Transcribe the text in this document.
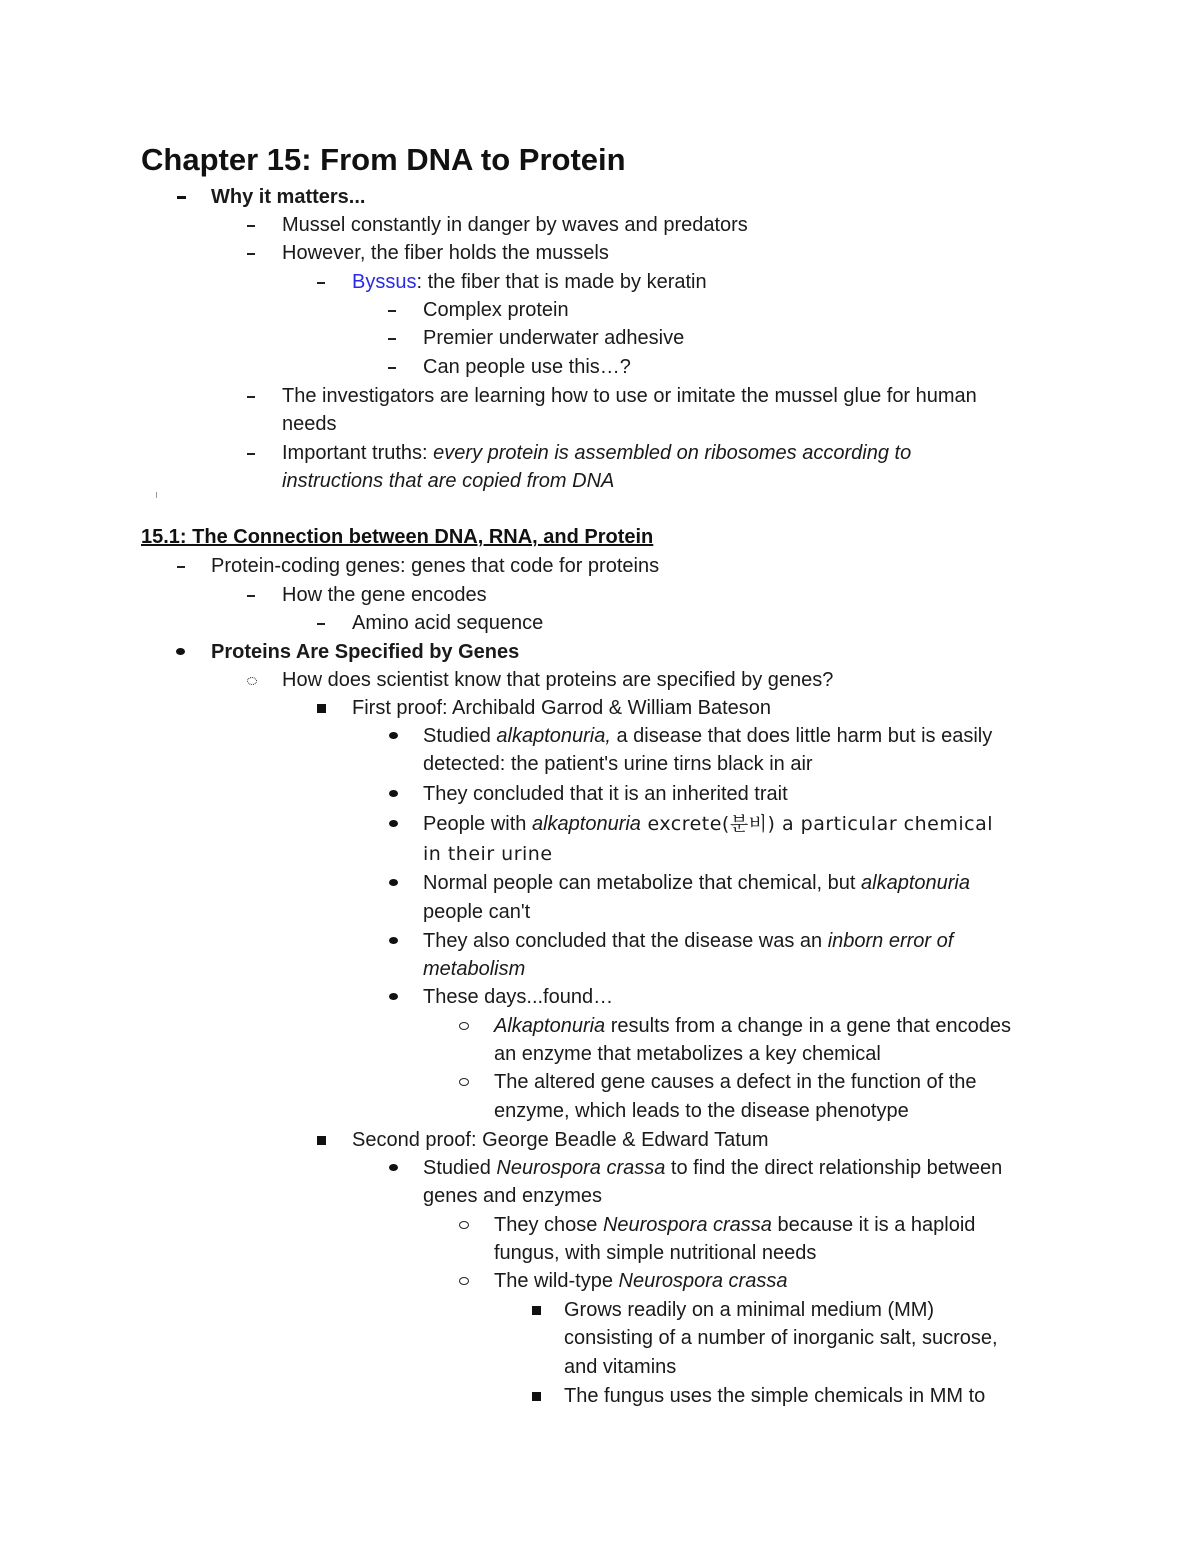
Chapter 15: From DNA to Protein
Why it matters...
Mussel constantly in danger by waves and predators
However, the fiber holds the mussels
Byssus: the fiber that is made by keratin
Complex protein
Premier underwater adhesive
Can people use this…?
The investigators are learning how to use or imitate the mussel glue for human
needs
Important truths: every protein is assembled on ribosomes according to
instructions that are copied from DNA
15.1: The Connection between DNA, RNA, and Protein
Protein-coding genes: genes that code for proteins
How the gene encodes
Amino acid sequence
Proteins Are Specified by Genes
How does scientist know that proteins are specified by genes?
First proof: Archibald Garrod & William Bateson
Studied alkaptonuria, a disease that does little harm but is easily
detected: the patient's urine tirns black in air
They concluded that it is an inherited trait
People with alkaptonuria excrete(분비) a particular chemical
in their urine
Normal people can metabolize that chemical, but alkaptonuria
people can't
They also concluded that the disease was an inborn error of
metabolism
These days...found…
Alkaptonuria results from a change in a gene that encodes
an enzyme that metabolizes a key chemical
The altered gene causes a defect in the function of the
enzyme, which leads to the disease phenotype
Second proof: George Beadle & Edward Tatum
Studied Neurospora crassa to find the direct relationship between
genes and enzymes
They chose Neurospora crassa because it is a haploid
fungus, with simple nutritional needs
The wild-type Neurospora crassa
Grows readily on a minimal medium (MM)
consisting of a number of inorganic salt, sucrose,
and vitamins
The fungus uses the simple chemicals in MM to
